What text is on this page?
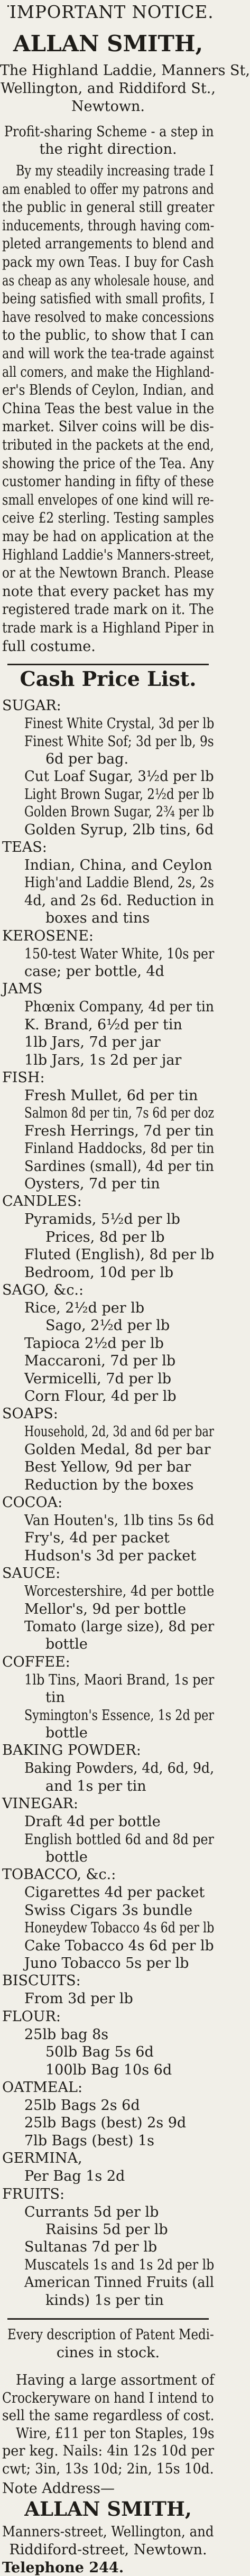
IMPORTANT NOTICE.
ALLAN SMITH,
The Highland Laddie, Manners St,
Wellington, and Riddiford St.,
Newtown.
Profit-sharing Scheme - a step in
the right direction.
By my steadily increasing trade I
am enabled to offer my patrons and
the public in general still greater
inducements, through having com-
pleted arrangements to blend and
pack my own Teas. I buy for Cash
as cheap as any wholesale house, and
being satisfied with small profits, I
have resolved to make concessions
to the public, to show that I can
and will work the tea-trade against
all comers, and make the Highland-
er's Blends of Ceylon, Indian, and
China Teas the best value in the
market. Silver coins will be dis-
tributed in the packets at the end,
showing the price of the Tea. Any
customer handing in fifty of these
small envelopes of one kind will re-
ceive £2 sterling. Testing samples
may be had on application at the
Highland Laddie's Manners-street,
or at the Newtown Branch. Please
note that every packet has my
registered trade mark on it. The
trade mark is a Highland Piper in
full costume.
Cash Price List.
SUGAR:
Finest White Crystal, 3d per lb
Finest White Sof; 3d per lb, 9s
6d per bag.
Cut Loaf Sugar, 3½d per lb
Light Brown Sugar, 2½d per lb
Golden Brown Sugar, 2¾ per lb
Golden Syrup, 2lb tins, 6d
TEAS:
Indian, China, and Ceylon
High'and Laddie Blend, 2s, 2s
4d, and 2s 6d. Reduction in
boxes and tins
KEROSENE:
150-test Water White, 10s per
case; per bottle, 4d
JAMS
Phœnix Company, 4d per tin
K. Brand, 6½d per tin
1lb Jars, 7d per jar
1lb Jars, 1s 2d per jar
FISH:
Fresh Mullet, 6d per tin
Salmon 8d per tin, 7s 6d per doz
Fresh Herrings, 7d per tin
Finland Haddocks, 8d per tin
Sardines (small), 4d per tin
Oysters, 7d per tin
CANDLES:
Pyramids, 5½d per lb
Prices, 8d per lb
Fluted (English), 8d per lb
Bedroom, 10d per lb
SAGO, &c.:
Rice, 2½d per lb
Sago, 2½d per lb
Tapioca 2½d per lb
Maccaroni, 7d per lb
Vermicelli, 7d per lb
Corn Flour, 4d per lb
SOAPS:
Household, 2d, 3d and 6d per bar
Golden Medal, 8d per bar
Best Yellow, 9d per bar
Reduction by the boxes
COCOA:
Van Houten's, 1lb tins 5s 6d
Fry's, 4d per packet
Hudson's 3d per packet
SAUCE:
Worcestershire, 4d per bottle
Mellor's, 9d per bottle
Tomato (large size), 8d per
bottle
COFFEE:
1lb Tins, Maori Brand, 1s per
tin
Symington's Essence, 1s 2d per
bottle
BAKING POWDER:
Baking Powders, 4d, 6d, 9d,
and 1s per tin
VINEGAR:
Draft 4d per bottle
English bottled 6d and 8d per
bottle
TOBACCO, &c.:
Cigarettes 4d per packet
Swiss Cigars 3s bundle
Honeydew Tobacco 4s 6d per lb
Cake Tobacco 4s 6d per lb
Juno Tobacco 5s per lb
BISCUITS:
From 3d per lb
FLOUR:
25lb bag 8s
50lb Bag 5s 6d
100lb Bag 10s 6d
OATMEAL:
25lb Bags 2s 6d
25lb Bags (best) 2s 9d
7lb Bags (best) 1s
GERMINA,
Per Bag 1s 2d
FRUITS:
Currants 5d per lb
Raisins 5d per lb
Sultanas 7d per lb
Muscatels 1s and 1s 2d per lb
American Tinned Fruits (all
kinds) 1s per tin
Every description of Patent Medi-
cines in stock.
Having a large assortment of
Crockeryware on hand I intend to
sell the same regardless of cost.
Wire, £11 per ton Staples, 19s
per keg. Nails: 4in 12s 10d per
cwt; 3in, 13s 10d; 2in, 15s 10d.
Note Address—
ALLAN SMITH,
Manners-street, Wellington, and
Riddiford-street, Newtown.
Telephone 244.
